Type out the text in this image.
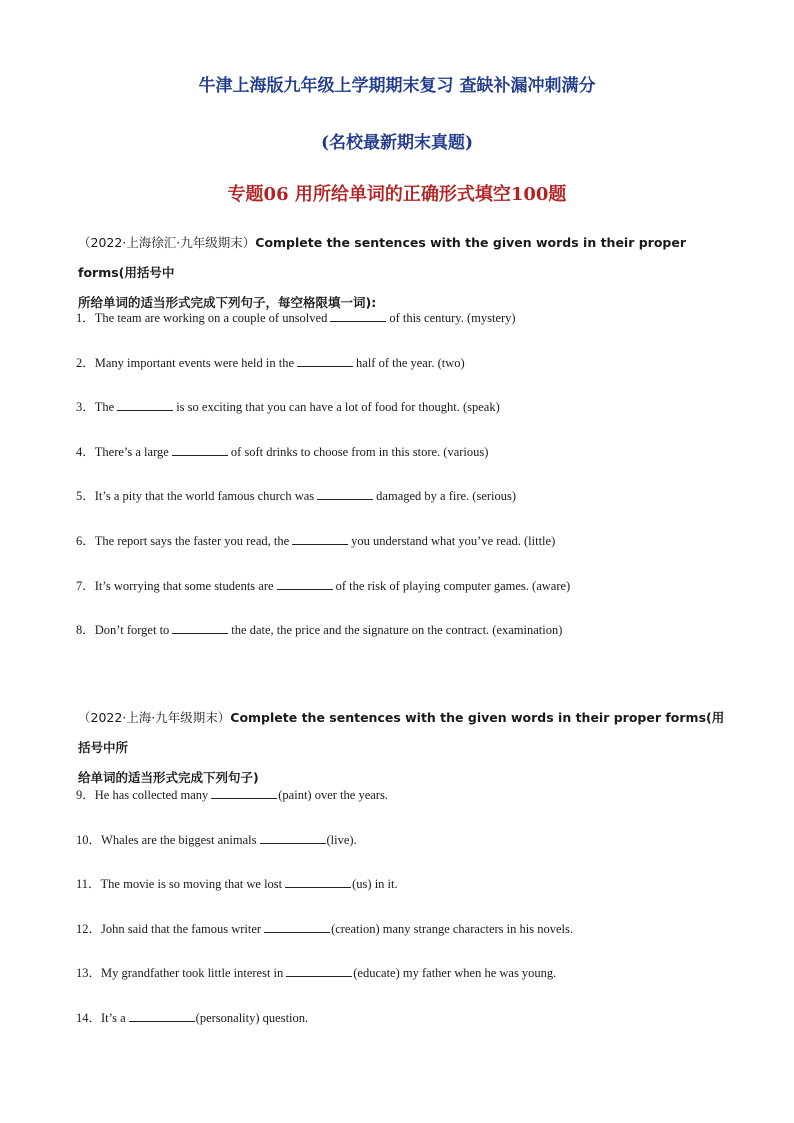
牛津上海版九年级上学期期末复习 查缺补漏冲刺满分
(名校最新期末真题)
专题06 用所给单词的正确形式填空100题
（2022·上海徐汇·九年级期末）Complete the sentences with the given words in their proper forms(用括号中
所给单词的适当形式完成下列句子，每空格限填一词):
1．The team are working on a couple of unsolved	of this century. (mystery)
2．Many important events were held in the	half of the year. (two)
3．The	is so exciting that you can have a lot of food for thought. (speak)
4．There’s a large	of soft drinks to choose from in this store. (various)
5．It’s a pity that the world famous church was	damaged by a fire. (serious)
6．The report says the faster you read, the	you understand what you’ve read. (little)
7．It’s worrying that some students are	of the risk of playing computer games. (aware)
8．Don’t forget to	the date, the price and the signature on the contract. (examination)
（2022·上海·九年级期末）Complete the sentences with the given words in their proper forms(用括号中所
给单词的适当形式完成下列句子)
9．He has collected many	(paint) over the years.
10．Whales are the biggest animals	(live).
11．The movie is so moving that we lost	(us) in it.
12．John said that the famous writer	(creation) many strange characters in his novels.
13．My grandfather took little interest in	(educate) my father when he was young.
14．It’s a	(personality) question.
